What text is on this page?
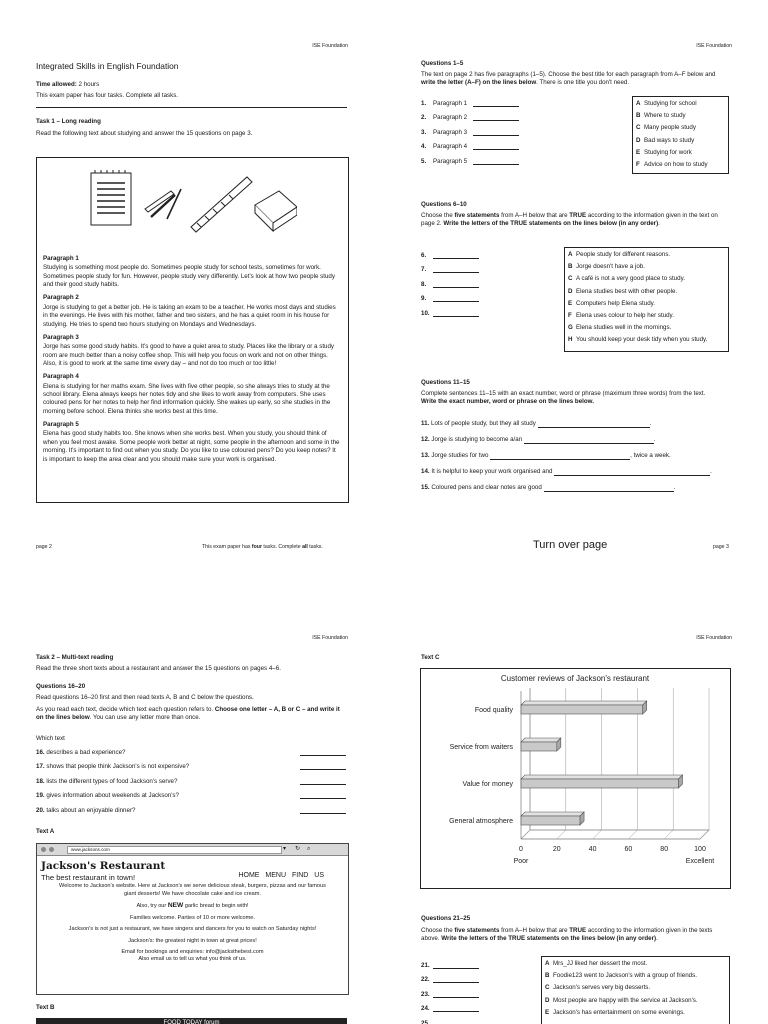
ISE Foundation
Integrated Skills in English Foundation
Time allowed: 2 hours
This exam paper has four tasks. Complete all tasks.
Task 1 – Long reading
Read the following text about studying and answer the 15 questions on page 3.
Paragraph 1

Studying is something most people do. Sometimes people study for school tests, sometimes for work. Sometimes people study for fun. However, people study very differently. Let's look at how two people study and their good study habits.

Paragraph 2

Jorge is studying to get a better job. He is taking an exam to be a teacher. He works most days and studies in the evenings. He lives with his mother, father and two sisters, and he has a quiet room in his house for studying. He tries to spend two hours studying on Mondays and Wednesdays.

Paragraph 3

Jorge has some good study habits. It's good to have a quiet area to study. Places like the library or a study room are much better than a noisy coffee shop. This will help you focus on work and not on other things. Also, it is good to work at the same time every day – and not do too much or too little!

Paragraph 4

Elena is studying for her maths exam. She lives with five other people, so she always tries to study at the school library. Elena always keeps her notes tidy and she likes to work away from computers. She uses coloured pens for her notes to help her find information quickly. She wakes up early, so she studies in the morning before school. Elena thinks she works best at this time.

Paragraph 5

Elena has good study habits too. She knows when she works best. When you study, you should think of when you feel most awake. Some people work better at night, some people in the afternoon and some in the morning. It's important to find out when you study. Do you like to use coloured pens? Do you keep notes? It is important to keep the area clear and you should make sure your work is organised.

page 2	This exam paper has four tasks. Complete all tasks.
ISE Foundation
Questions 1–5
The text on page 2 has five paragraphs (1–5). Choose the best title for each paragraph from A–F below and write the letter (A–F) on the lines below. There is one title you don't need.
1.	Paragraph 1
2.	Paragraph 2
3.	Paragraph 3
4.	Paragraph 4
5.	Paragraph 5
A Studying for school
B Where to study
C Many people study
D Bad ways to study
E Studying for work
F Advice on how to study
Questions 6–10
Choose the five statements from A–H below that are TRUE according to the information given in the text on page 2. Write the letters of the TRUE statements on the lines below (in any order).
6.
7.
8.
9.
10.
A People study for different reasons.
B Jorge doesn't have a job.
C A café is not a very good place to study.
D Elena studies best with other people.
E Computers help Elena study.
F Elena uses colour to help her study.
G Elena studies well in the mornings.
H You should keep your desk tidy when you study.
Questions 11–15
Complete sentences 11–15 with an exact number, word or phrase (maximum three words) from the text.
Write the exact number, word or phrase on the lines below.
11. Lots of people study, but they all study	.
12. Jorge is studying to become a/an	.
13. Jorge studies for two	, twice a week.
14. It is helpful to keep your work organised and	.
15. Coloured pens and clear notes are good	.
Turn over page	page 3
ISE Foundation
Task 2 – Multi-text reading
Read the three short texts about a restaurant and answer the 15 questions on pages 4–6.
Questions 16–20
Read questions 16–20 first and then read texts A, B and C below the questions.
As you read each text, decide which text each question refers to. Choose one letter – A, B or C – and write it on the lines below. You can use any letter more than once.
Which text
16. describes a bad experience?
17. shows that people think Jackson's is not expensive?
18. lists the different types of food Jackson's serve?
19. gives information about weekends at Jackson's?
20. talks about an enjoyable dinner?
Text A
www.jacksons.com	▾ ↻ ⌕
Jackson's Restaurant
The best restaurant in town!	HOME MENU FIND US

Welcome to Jackson's website. Here at Jackson's we serve delicious steak, burgers, pizzas and our famous giant desserts! We have chocolate cake and ice cream.

Also, try our NEW garlic bread to begin with!

Families welcome. Parties of 10 or more welcome.

Jackson's is not just a restaurant, we have singers and dancers for you to watch on Saturday nights!

Jackson's: the greatest night in town at great prices!

Email for bookings and enquiries: info@jacksthebest.com

Also email us to tell us what you think of us.

Text B
FOOD TODAY forum
ISE Foundation
Text C
Customer reviews of Jackson's restaurant
0	20	40	60	80	100
Food quality
Service from waiters
Value for money
General atmosphere
Poor	Excellent
Questions 21–25
Choose the five statements from A–H below that are TRUE according to the information given in the texts above. Write the letters of the TRUE statements on the lines below (in any order).
21.
22.
23.
24.
25.
A Mrs_JJ liked her dessert the most.
B Foodie123 went to Jackson's with a group of friends.
C Jackson's serves very big desserts.
D Most people are happy with the service at Jackson's.
E Jackson's has entertainment on some evenings.
